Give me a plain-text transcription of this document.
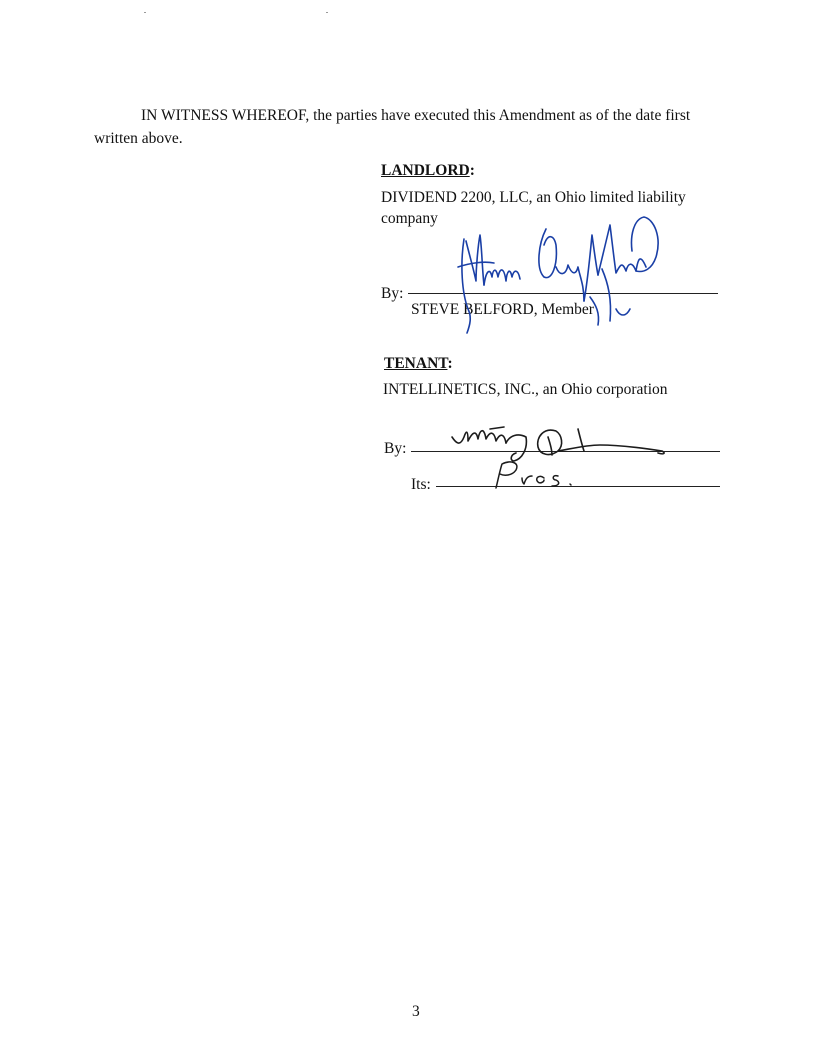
IN WITNESS WHEREOF, the parties have executed this Amendment as of the date first
written above.
LANDLORD:
DIVIDEND 2200, LLC, an Ohio limited liability
company
By:
STEVE BELFORD, Member
TENANT:
INTELLINETICS, INC., an Ohio corporation
By:
Its:
3
